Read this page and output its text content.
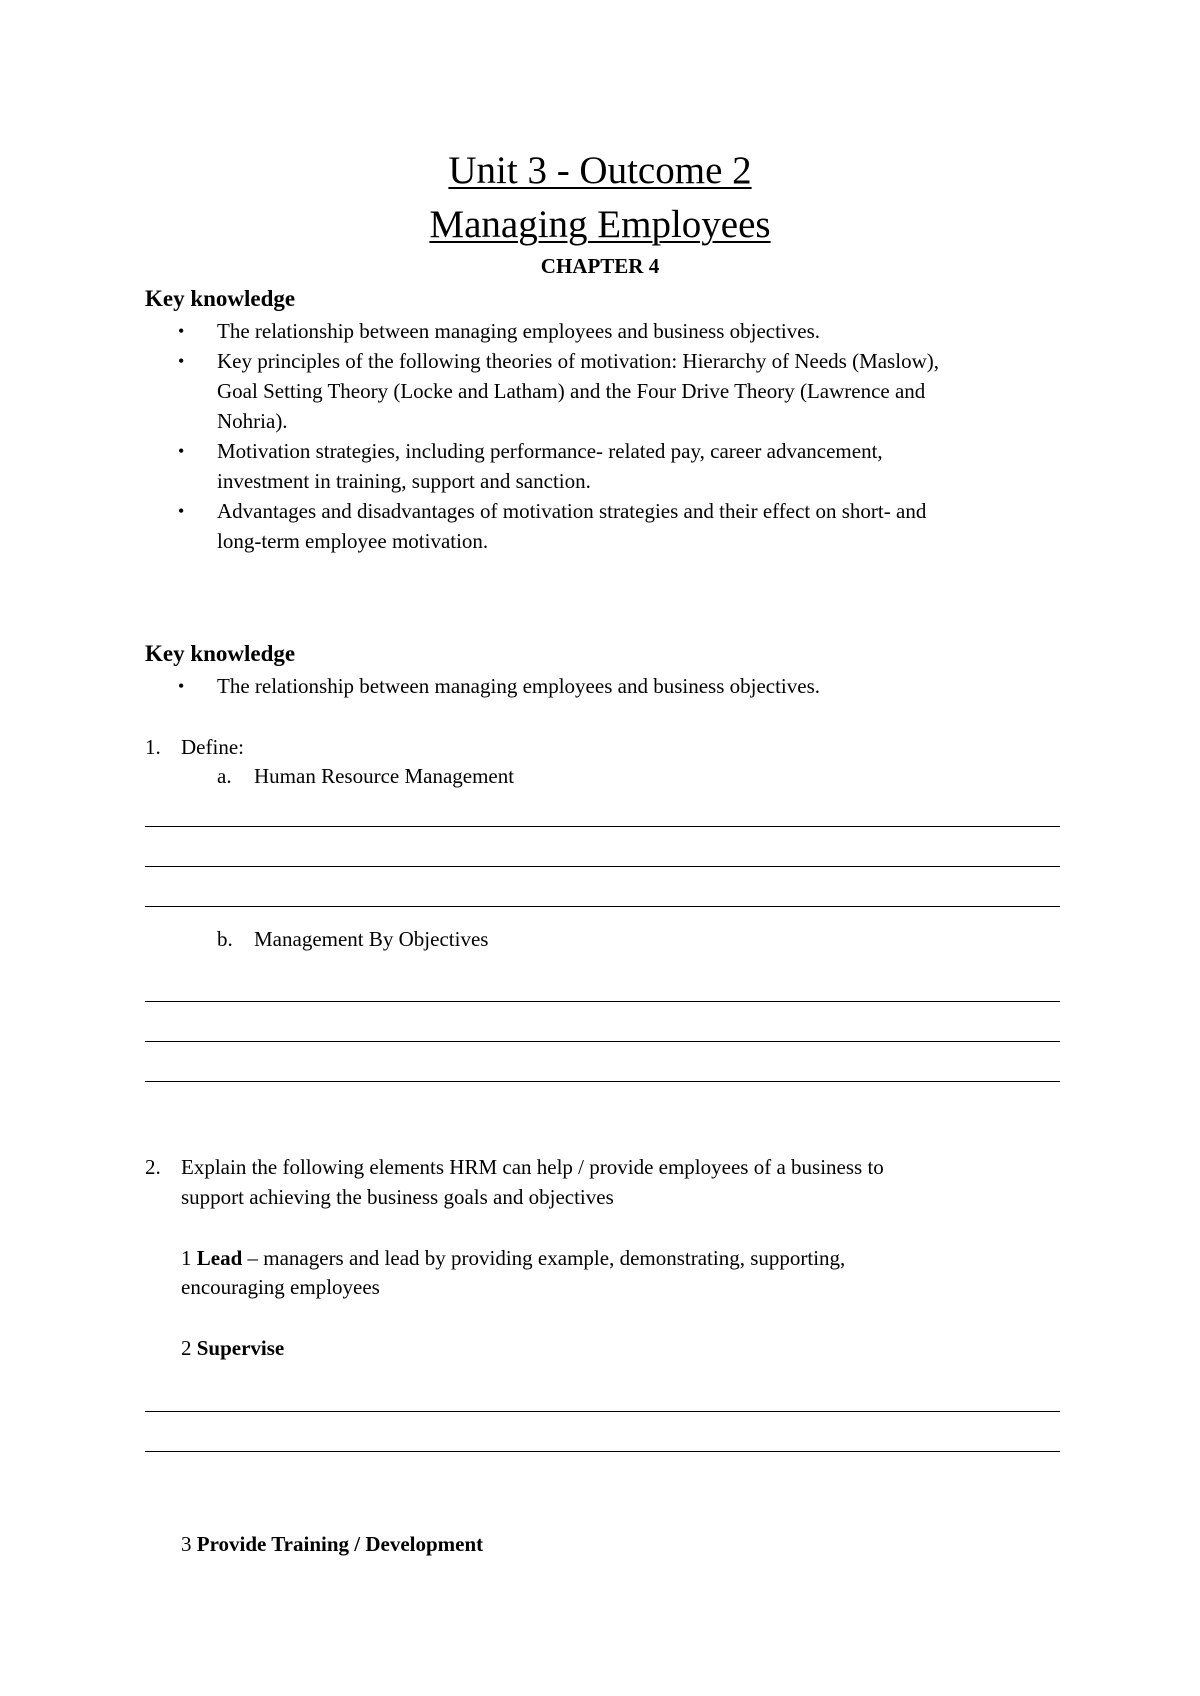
Unit 3 - Outcome 2
Managing Employees
CHAPTER 4
Key knowledge
• The relationship between managing employees and business objectives.
• Key principles of the following theories of motivation: Hierarchy of Needs (Maslow),
Goal Setting Theory (Locke and Latham) and the Four Drive Theory (Lawrence and
Nohria).
• Motivation strategies, including performance- related pay, career advancement,
investment in training, support and sanction.
• Advantages and disadvantages of motivation strategies and their effect on short- and
long-term employee motivation.
Key knowledge
• The relationship between managing employees and business objectives.
1. Define:
a. Human Resource Management
b. Management By Objectives
2. Explain the following elements HRM can help / provide employees of a business to
support achieving the business goals and objectives
1 Lead – managers and lead by providing example, demonstrating, supporting,
encouraging employees
2 Supervise
3 Provide Training / Development
